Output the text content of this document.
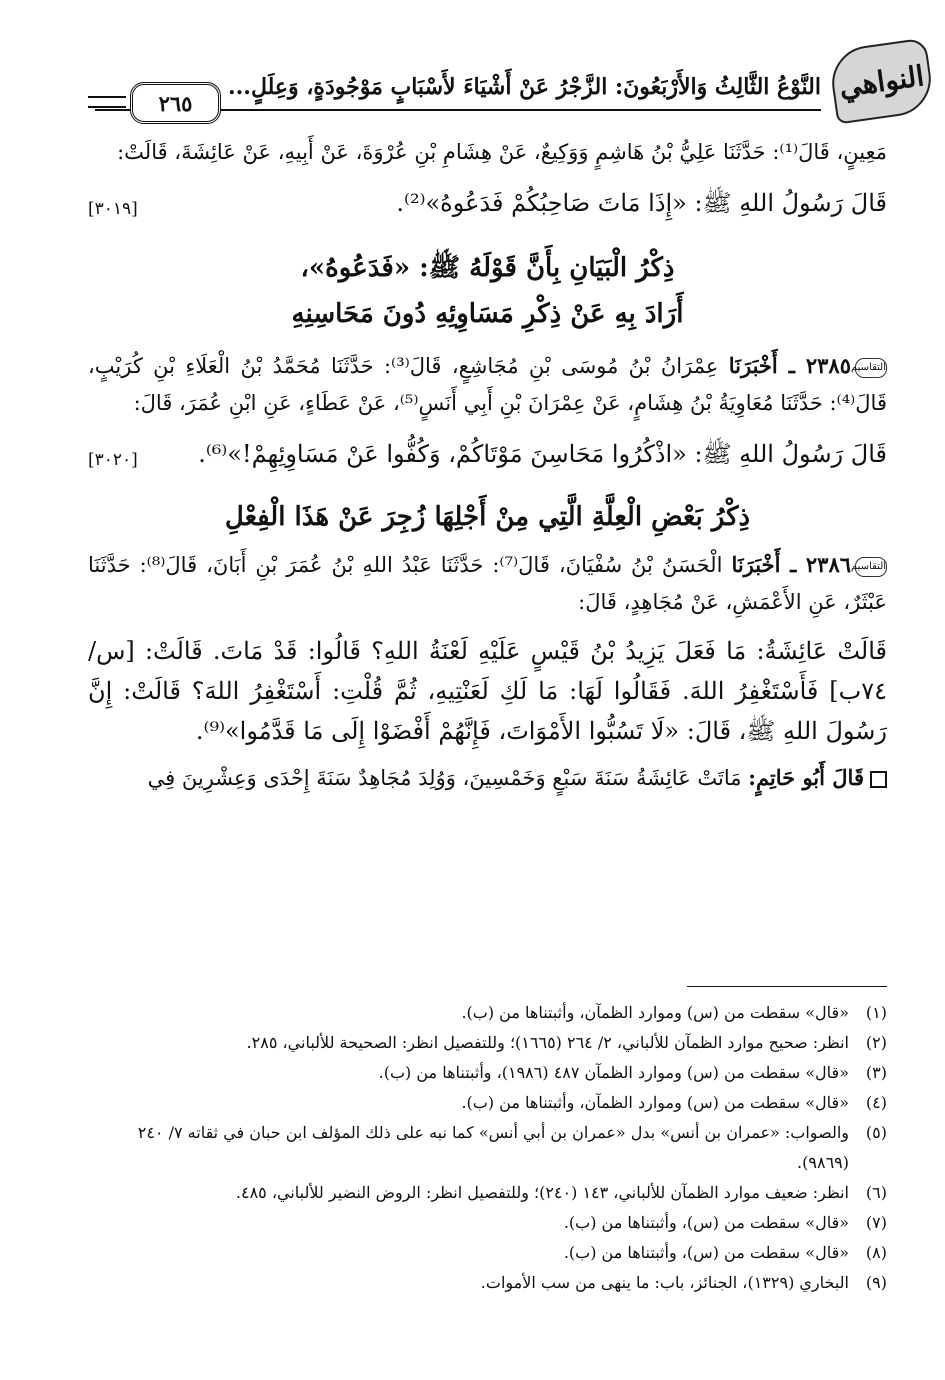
النواهي
النَّوْعُ الثَّالِثُ وَالأَرْبَعُونَ: الزَّجْرُ عَنْ أَشْيَاءَ لأَسْبَابٍ مَوْجُودَةٍ، وَعِلَلٍ...
٢٦٥

مَعِينٍ، قَالَ⁽¹⁾: حَدَّثَنَا عَلِيُّ بْنُ هَاشِمٍ وَوَكِيعٌ، عَنْ هِشَامِ بْنِ عُرْوَةَ، عَنْ أَبِيهِ، عَنْ عَائِشَةَ، قَالَتْ:

قَالَ رَسُولُ اللهِ ﷺ: «إِذَا مَاتَ صَاحِبُكُمْ فَدَعُوهُ»⁽²⁾.
[٣٠١٩]

ذِكْرُ الْبَيَانِ بِأَنَّ قَوْلَهُ ﷺ: «فَدَعُوهُ»،
أَرَادَ بِهِ عَنْ ذِكْرِ مَسَاوِئِهِ دُونَ مَحَاسِنِهِ

التقاسيم٢٣٨٥ ـ أَخْبَرَنَا عِمْرَانُ بْنُ مُوسَى بْنِ مُجَاشِعٍ، قَالَ⁽³⁾: حَدَّثَنَا مُحَمَّدُ بْنُ الْعَلَاءِ بْنِ كُرَيْبٍ، قَالَ⁽⁴⁾: حَدَّثَنَا مُعَاوِيَةُ بْنُ هِشَامٍ، عَنْ عِمْرَانَ بْنِ أَبِي أَنَسٍ⁽⁵⁾، عَنْ عَطَاءٍ، عَنِ ابْنِ عُمَرَ، قَالَ:

قَالَ رَسُولُ اللهِ ﷺ: «اذْكُرُوا مَحَاسِنَ مَوْتَاكُمْ، وَكُفُّوا عَنْ مَسَاوِئِهِمْ!»⁽⁶⁾.
[٣٠٢٠]

ذِكْرُ بَعْضِ الْعِلَّةِ الَّتِي مِنْ أَجْلِهَا زُجِرَ عَنْ هَذَا الْفِعْلِ

التقاسيم٢٣٨٦ ـ أَخْبَرَنَا الْحَسَنُ بْنُ سُفْيَانَ، قَالَ⁽⁷⁾: حَدَّثَنَا عَبْدُ اللهِ بْنُ عُمَرَ بْنِ أَبَانَ، قَالَ⁽⁸⁾: حَدَّثَنَا عَبْثَرٌ، عَنِ الأَعْمَشِ، عَنْ مُجَاهِدٍ، قَالَ:

قَالَتْ عَائِشَةُ: مَا فَعَلَ يَزِيدُ بْنُ قَيْسٍ عَلَيْهِ لَعْنَةُ اللهِ؟ قَالُوا: قَدْ مَاتَ. قَالَتْ: [س/٧٤ب] فَأَسْتَغْفِرُ اللهَ. فَقَالُوا لَهَا: مَا لَكِ لَعَنْتِيهِ، ثُمَّ قُلْتِ: أَسْتَغْفِرُ اللهَ؟ قَالَتْ: إِنَّ رَسُولَ اللهِ ﷺ، قَالَ: «لَا تَسُبُّوا الأَمْوَاتَ، فَإِنَّهُمْ أَفْضَوْا إِلَى مَا قَدَّمُوا»⁽⁹⁾.

قَالَ أَبُو حَاتِمٍ: مَاتَتْ عَائِشَةُ سَنَةَ سَبْعٍ وَخَمْسِينَ، وَوُلِدَ مُجَاهِدٌ سَنَةَ إِحْدَى وَعِشْرِينَ فِي

(١)
«قال» سقطت من (س) وموارد الظمآن، وأثبتناها من (ب).
(٢)
انظر: صحيح موارد الظمآن للألباني، ٢/ ٢٦٤ (١٦٦٥)؛ وللتفصيل انظر: الصحيحة للألباني، ٢٨٥.
(٣)
«قال» سقطت من (س) وموارد الظمآن ٤٨٧ (١٩٨٦)، وأثبتناها من (ب).
(٤)
«قال» سقطت من (س) وموارد الظمآن، وأثبتناها من (ب).
(٥)
والصواب: «عمران بن أنس» بدل «عمران بن أبي أنس» كما نبه على ذلك المؤلف ابن حبان في ثقاته ٧/ ٢٤٠ (٩٨٦٩).
(٦)
انظر: ضعيف موارد الظمآن للألباني، ١٤٣ (٢٤٠)؛ وللتفصيل انظر: الروض النضير للألباني، ٤٨٥.
(٧)
«قال» سقطت من (س)، وأثبتناها من (ب).
(٨)
«قال» سقطت من (س)، وأثبتناها من (ب).
(٩)
البخاري (١٣٢٩)، الجنائز، باب: ما ينهى من سب الأموات.
